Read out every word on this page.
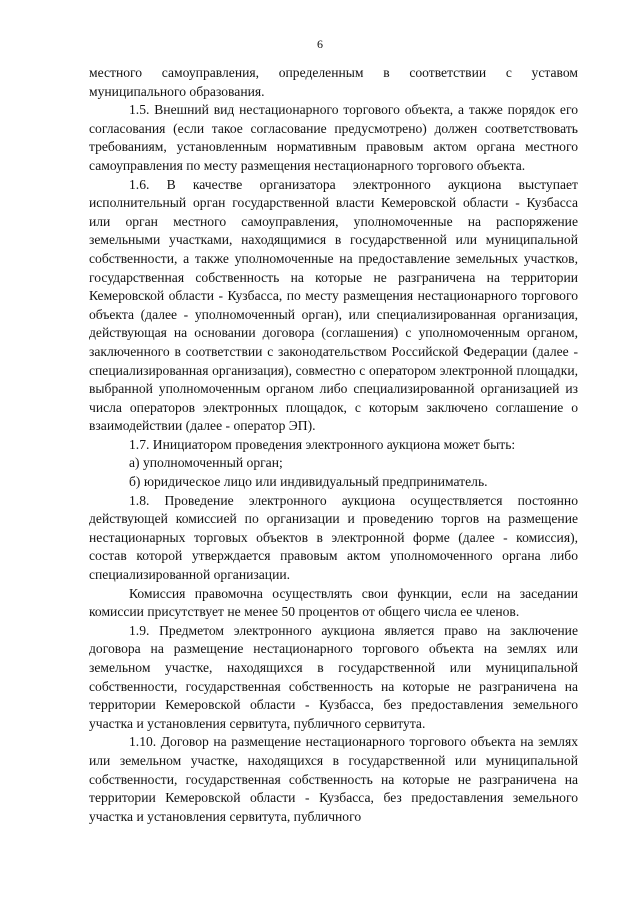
6

местного самоуправления, определенным в соответствии с уставом муниципального образования.

1.5. Внешний вид нестационарного торгового объекта, а также порядок его согласования (если такое согласование предусмотрено) должен соответствовать требованиям, установленным нормативным правовым актом органа местного самоуправления по месту размещения нестационарного торгового объекта.

1.6. В качестве организатора электронного аукциона выступает исполнительный орган государственной власти Кемеровской области - Кузбасса или орган местного самоуправления, уполномоченные на распоряжение земельными участками, находящимися в государственной или муниципальной собственности, а также уполномоченные на предоставление земельных участков, государственная собственность на которые не разграничена на территории Кемеровской области - Кузбасса, по месту размещения нестационарного торгового объекта (далее - уполномоченный орган), или специализированная организация, действующая на основании договора (соглашения) с уполномоченным органом, заключенного в соответствии с законодательством Российской Федерации (далее - специализированная организация), совместно с оператором электронной площадки, выбранной уполномоченным органом либо специализированной организацией из числа операторов электронных площадок, с которым заключено соглашение о взаимодействии (далее - оператор ЭП).

1.7. Инициатором проведения электронного аукциона может быть:

а) уполномоченный орган;

б) юридическое лицо или индивидуальный предприниматель.

1.8. Проведение электронного аукциона осуществляется постоянно действующей комиссией по организации и проведению торгов на размещение нестационарных торговых объектов в электронной форме (далее - комиссия), состав которой утверждается правовым актом уполномоченного органа либо специализированной организации.

Комиссия правомочна осуществлять свои функции, если на заседании комиссии присутствует не менее 50 процентов от общего числа ее членов.

1.9. Предметом электронного аукциона является право на заключение договора на размещение нестационарного торгового объекта на землях или земельном участке, находящихся в государственной или муниципальной собственности, государственная собственность на которые не разграничена на территории Кемеровской области - Кузбасса, без предоставления земельного участка и установления сервитута, публичного сервитута.

1.10. Договор на размещение нестационарного торгового объекта на землях или земельном участке, находящихся в государственной или муниципальной собственности, государственная собственность на которые не разграничена на территории Кемеровской области - Кузбасса, без предоставления земельного участка и установления сервитута, публичного
